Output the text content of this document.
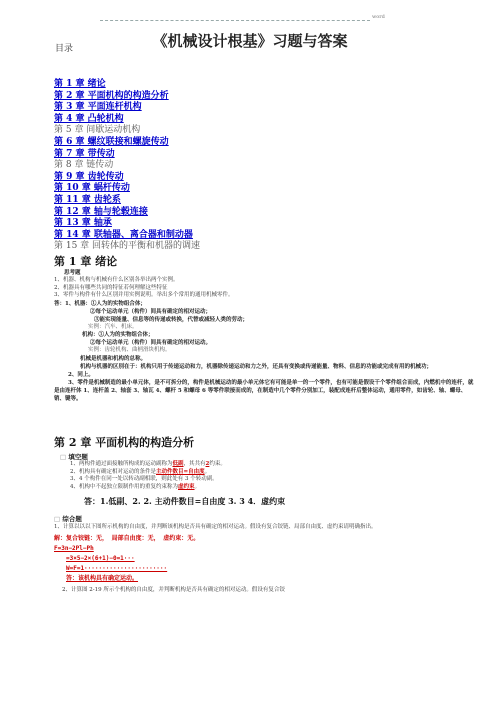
word
《机械设计根基》习题与答案
目录
第 1 章 绪论
第 2 章 平面机构的构造分析
第 3 章 平面连杆机构
第 4 章 凸轮机构
第 5 章 间歇运动机构
第 6 章 螺纹联接和螺旋传动
第 7 章 带传动
第 8 章 链传动
第 9 章 齿轮传动
第 10 章 蜗杆传动
第 11 章 齿轮系
第 12 章 轴与轮毂连接
第 13 章 轴承
第 14 章 联轴器、离合器和制动器
第 15 章 回转体的平衡和机器的调速
第 1 章 绪论
思考题
1、机器、机构与机械有什么区别各举出两个实例。
2、机器具有哪些共同的特征若何理解这些特征
3、零件与构件有什么区别并用实例说明。举出多个常用的通用机械零件。
答：1、机器：①人为的实物组合体；
②每个运动单元（构件）间具有确定的相对运动；
③能实现能量、信息等的传递或转换，代替或减轻人类的劳动；
实例：汽车、机床。
机构：①人为的实物组合体；
②每个运动单元（构件）间具有确定的相对运动。
实例：齿轮机构、曲柄滑块机构。
机械是机器和机构的总称。
机构与机器的区别在于：机构只用于传递运动和力，机器除传递运动和力之外，还具有变换或传递能量、物料、信息的功能或完成有用的机械功；
2、同上。
3、零件是机械制造的最小单元体，是不可拆分的，构件是机械运动的最小单元体它有可能是单一的一个零件，也有可能是假设干个零件组合而成，内燃机中的连杆，就是由连杆体 1、连杆盖 2、轴套 3、轴瓦 4、螺杆 5 和螺母 6 等零件联接而成的，在制造中几个零件分别加工，装配成连杆后整体运动，通用零件，如齿轮、轴、螺母、销、键等。
第 2 章 平面机构的构造分析
□ 填空题
1、两构件通过面接触所构成的运动副称为低副，其共有2约束。
2、机构具有确定相对运动的条件是主动件数目=自由度。
3、4 个构件在同一处以转动副相联，则此处有 3 个转动副。
4、机构中不起独立限制作用的重复约束称为虚约束。
答：1.低副、2. 2. 主动件数目=自由度 3. 3 4．虚约束
□ 综合题
1、计算以以以下图所示机构的自由度，并判断该机构是否具有确定的相对运动。假设有复合铰链、局部自由度、虚约束请明确指出。
解：复合铰链：无， 局部自由度：无， 虚约束：无。
F=3n−2Pl−Ph
=3×5−2×(6+1)−0=1···
W=F=1·······················
答：该机构具有确定运动。
2、计算图 2-19 所示个机构的自由度，并判断机构是否具有确定的相对运动。假设有复合铰
